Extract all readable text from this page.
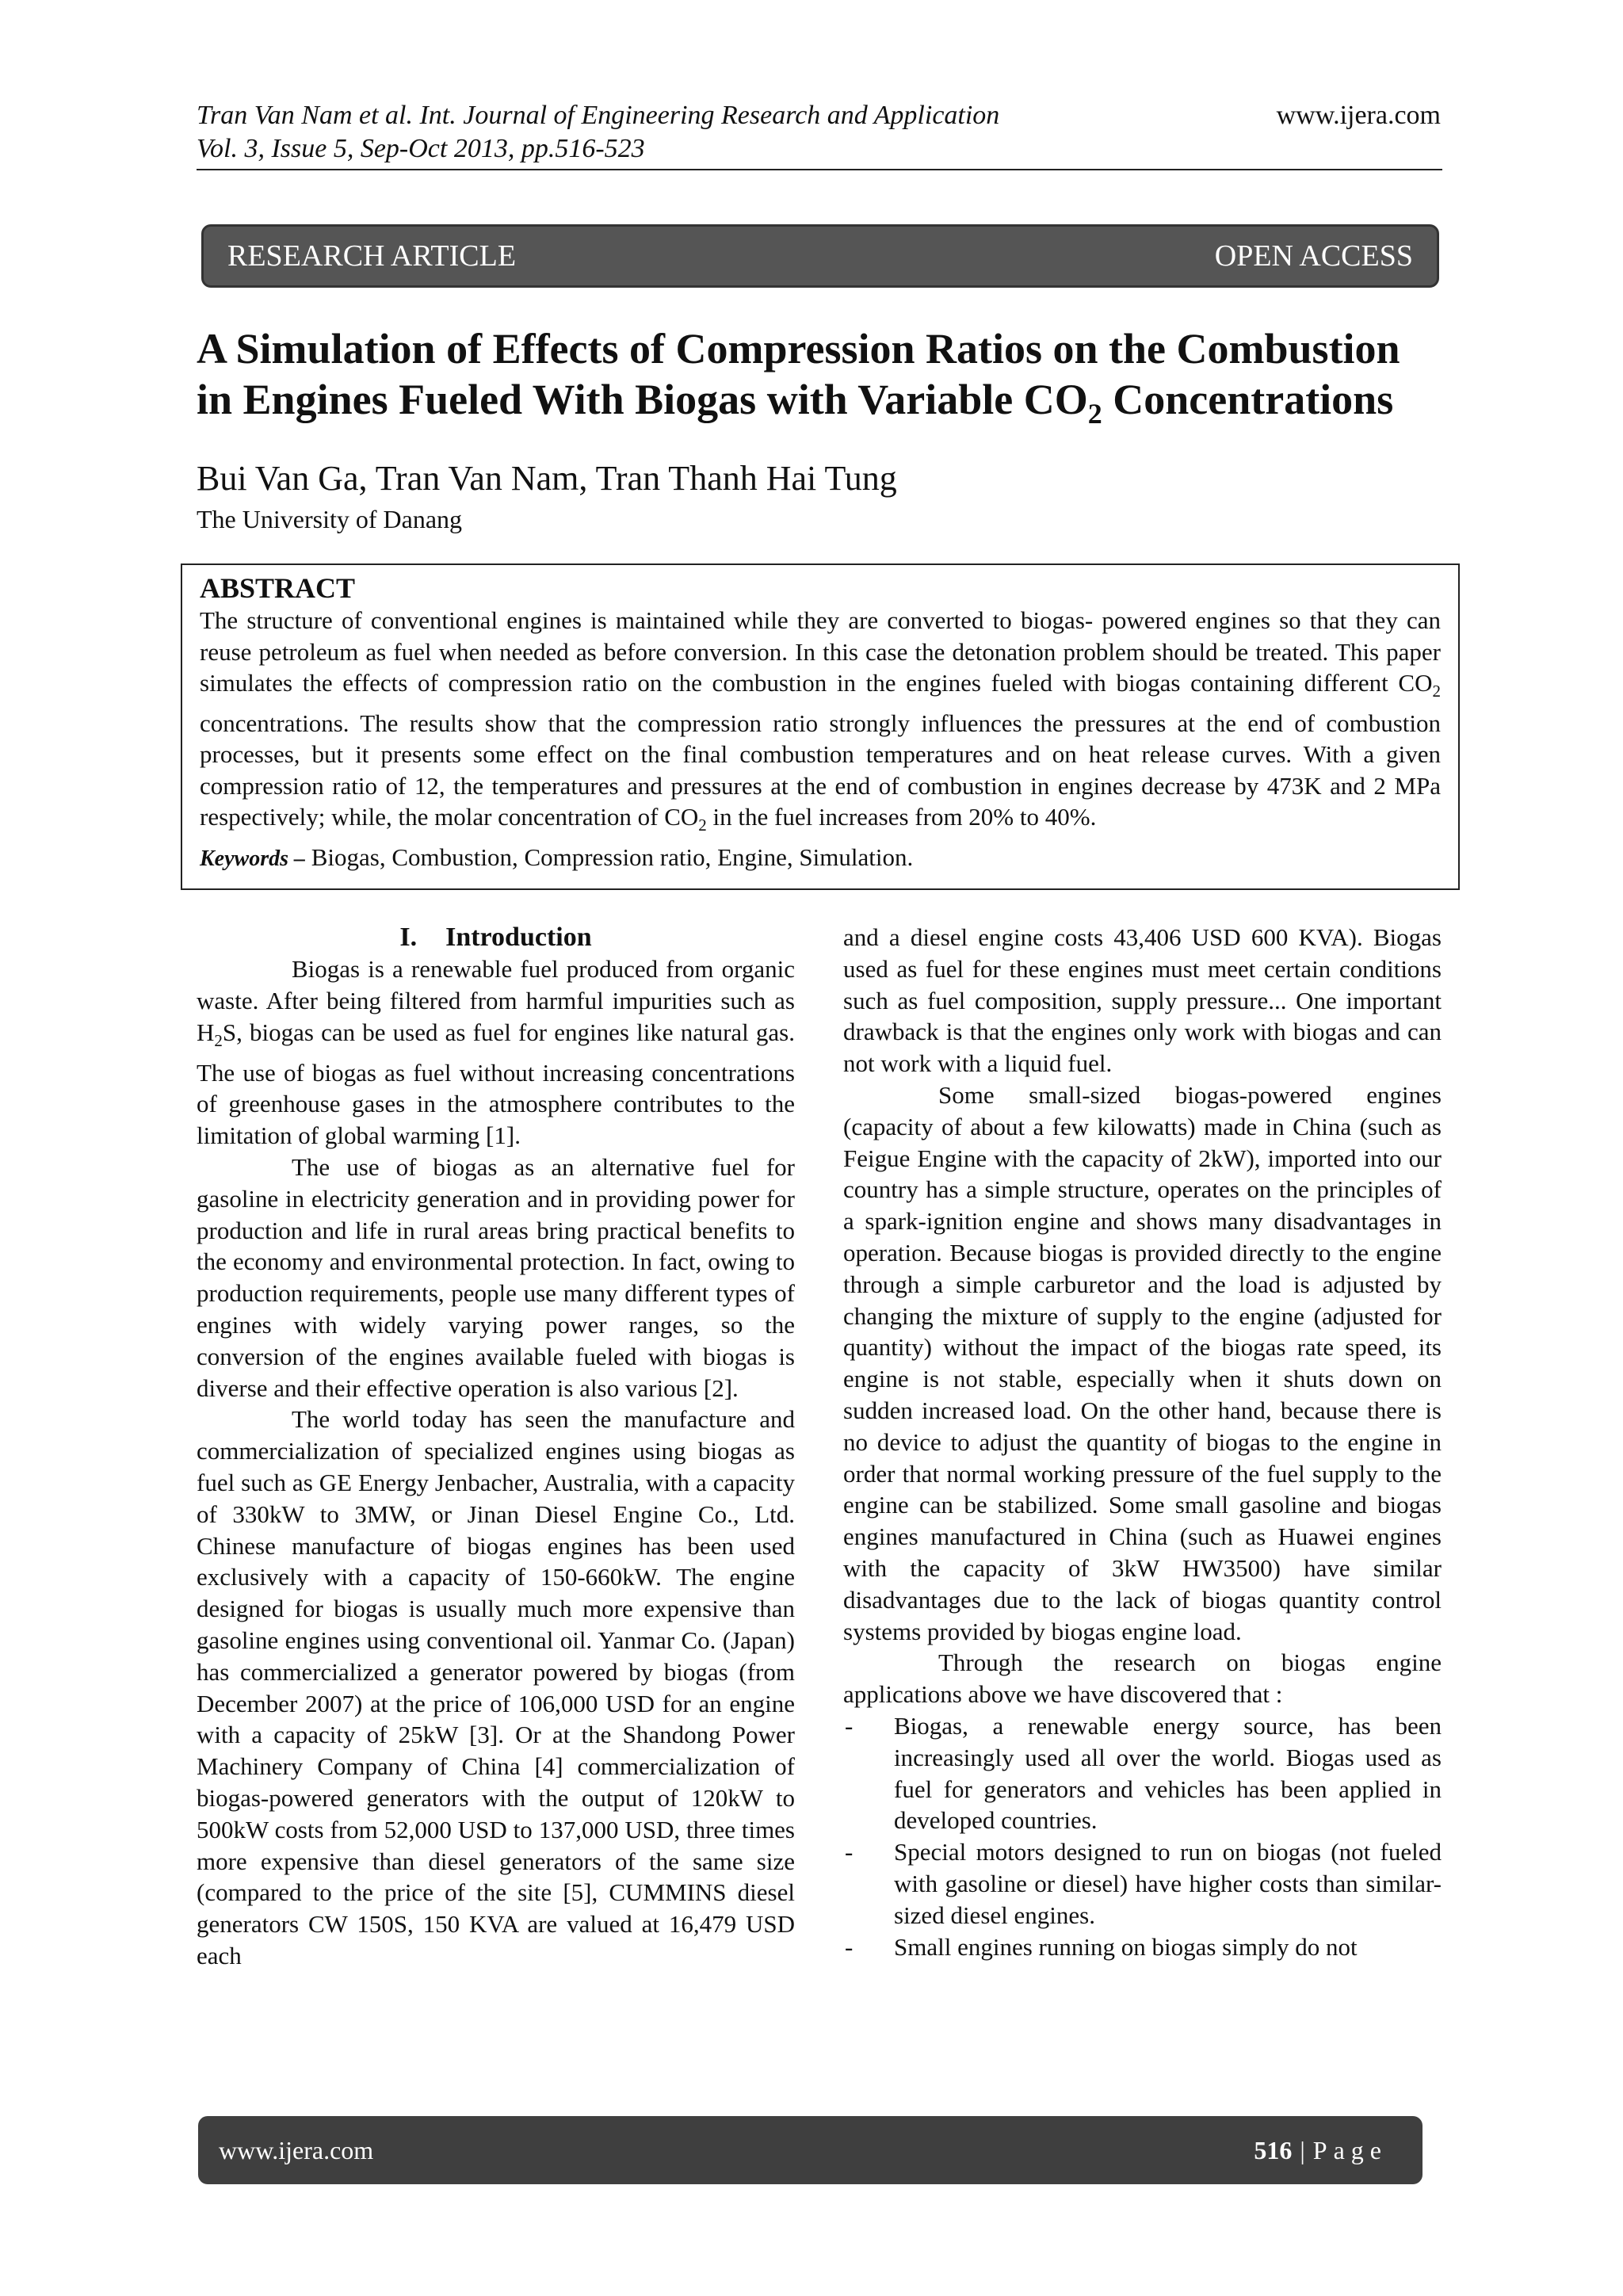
Tran Van Nam et al. Int. Journal of Engineering Research and Application
Vol. 3, Issue 5, Sep-Oct 2013, pp.516-523
www.ijera.com
RESEARCH ARTICLE	OPEN ACCESS
A Simulation of Effects of Compression Ratios on the Combustion
in Engines Fueled With Biogas with Variable $CO_2$ Concentrations
Bui Van Ga, Tran Van Nam, Tran Thanh Hai Tung
The University of Danang
ABSTRACT
The structure of conventional engines is maintained while they are converted to biogas- powered engines so that they can reuse petroleum as fuel when needed as before conversion. In this case the detonation problem should be treated. This paper simulates the effects of compression ratio on the combustion in the engines fueled with biogas containing different $CO_2$ concentrations. The results show that the compression ratio strongly influences the pressures at the end of combustion processes, but it presents some effect on the final combustion temperatures and on heat release curves. With a given compression ratio of 12, the temperatures and pressures at the end of combustion in engines decrease by 473K and 2 MPa respectively; while, the molar concentration of $CO_2$ in the fuel increases from 20% to 40%.
Keywords – Biogas, Combustion, Compression ratio, Engine, Simulation.
I. Introduction

Biogas is a renewable fuel produced from organic waste. After being filtered from harmful impurities such as $H_2S$, biogas can be used as fuel for engines like natural gas. The use of biogas as fuel without increasing concentrations of greenhouse gases in the atmosphere contributes to the limitation of global warming [1].

The use of biogas as an alternative fuel for gasoline in electricity generation and in providing power for production and life in rural areas bring practical benefits to the economy and environmental protection. In fact, owing to production requirements, people use many different types of engines with widely varying power ranges, so the conversion of the engines available fueled with biogas is diverse and their effective operation is also various [2].

The world today has seen the manufacture and commercialization of specialized engines using biogas as fuel such as GE Energy Jenbacher, Australia, with a capacity of 330kW to 3MW, or Jinan Diesel Engine Co., Ltd. Chinese manufacture of biogas engines has been used exclusively with a capacity of 150-660kW. The engine designed for biogas is usually much more expensive than gasoline engines using conventional oil. Yanmar Co. (Japan) has commercialized a generator powered by biogas (from December 2007) at the price of 106,000 USD for an engine with a capacity of 25kW [3]. Or at the Shandong Power Machinery Company of China [4] commercialization of biogas-powered generators with the output of 120kW to 500kW costs from 52,000 USD to 137,000 USD, three times more expensive than diesel generators of the same size (compared to the price of the site [5], CUMMINS diesel generators CW 150S, 150 KVA are valued at 16,479 USD each

and a diesel engine costs 43,406 USD 600 KVA). Biogas used as fuel for these engines must meet certain conditions such as fuel composition, supply pressure... One important drawback is that the engines only work with biogas and can not work with a liquid fuel.

Some small-sized biogas-powered engines (capacity of about a few kilowatts) made in China (such as Feigue Engine with the capacity of 2kW), imported into our country has a simple structure, operates on the principles of a spark-ignition engine and shows many disadvantages in operation. Because biogas is provided directly to the engine through a simple carburetor and the load is adjusted by changing the mixture of supply to the engine (adjusted for quantity) without the impact of the biogas rate speed, its engine is not stable, especially when it shuts down on sudden increased load. On the other hand, because there is no device to adjust the quantity of biogas to the engine in order that normal working pressure of the fuel supply to the engine can be stabilized. Some small gasoline and biogas engines manufactured in China (such as Huawei engines with the capacity of 3kW HW3500) have similar disadvantages due to the lack of biogas quantity control systems provided by biogas engine load.

Through the research on biogas engine applications above we have discovered that :

-	Biogas, a renewable energy source, has been increasingly used all over the world. Biogas used as fuel for generators and vehicles has been applied in developed countries.
-	Special motors designed to run on biogas (not fueled with gasoline or diesel) have higher costs than similar-sized diesel engines.
-	Small engines running on biogas simply do not
www.ijera.com	516 | Page
